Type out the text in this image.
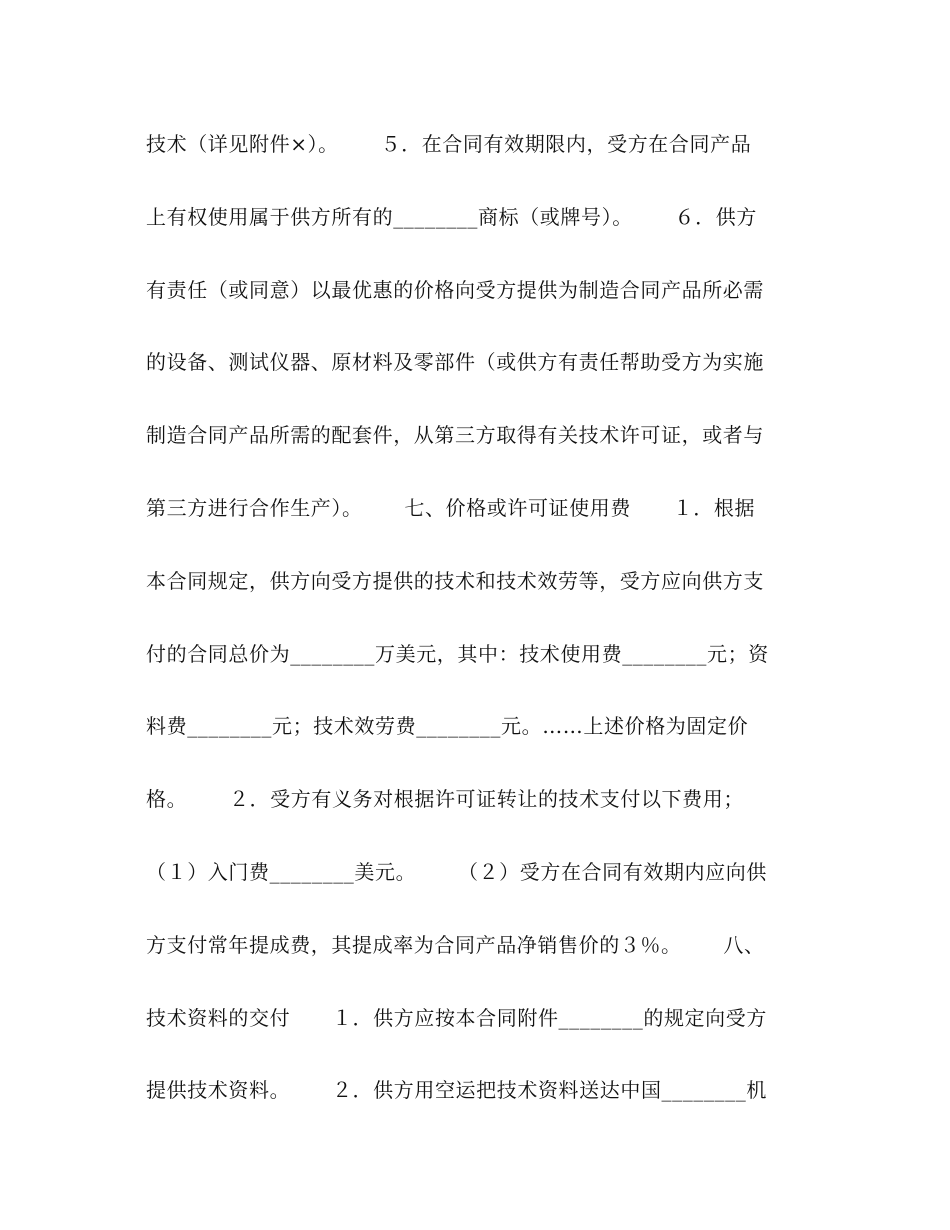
技术（详见附件×）。      ５．在合同有效期限内，受方在合同产品
上有权使用属于供方所有的________商标（或牌号）。      ６．供方
有责任（或同意）以最优惠的价格向受方提供为制造合同产品所必需
的设备、测试仪器、原材料及零部件（或供方有责任帮助受方为实施
制造合同产品所需的配套件，从第三方取得有关技术许可证，或者与
第三方进行合作生产）。      七、价格或许可证使用费      １．根据
本合同规定，供方向受方提供的技术和技术效劳等，受方应向供方支
付的合同总价为________万美元，其中：技术使用费________元；资
料费________元；技术效劳费________元。……上述价格为固定价
格。      ２．受方有义务对根据许可证转让的技术支付以下费用；
（１）入门费________美元。      （２）受方在合同有效期内应向供
方支付常年提成费，其提成率为合同产品净销售价的３％。      八、
技术资料的交付      １．供方应按本合同附件________的规定向受方
提供技术资料。      ２．供方用空运把技术资料送达中国________机
